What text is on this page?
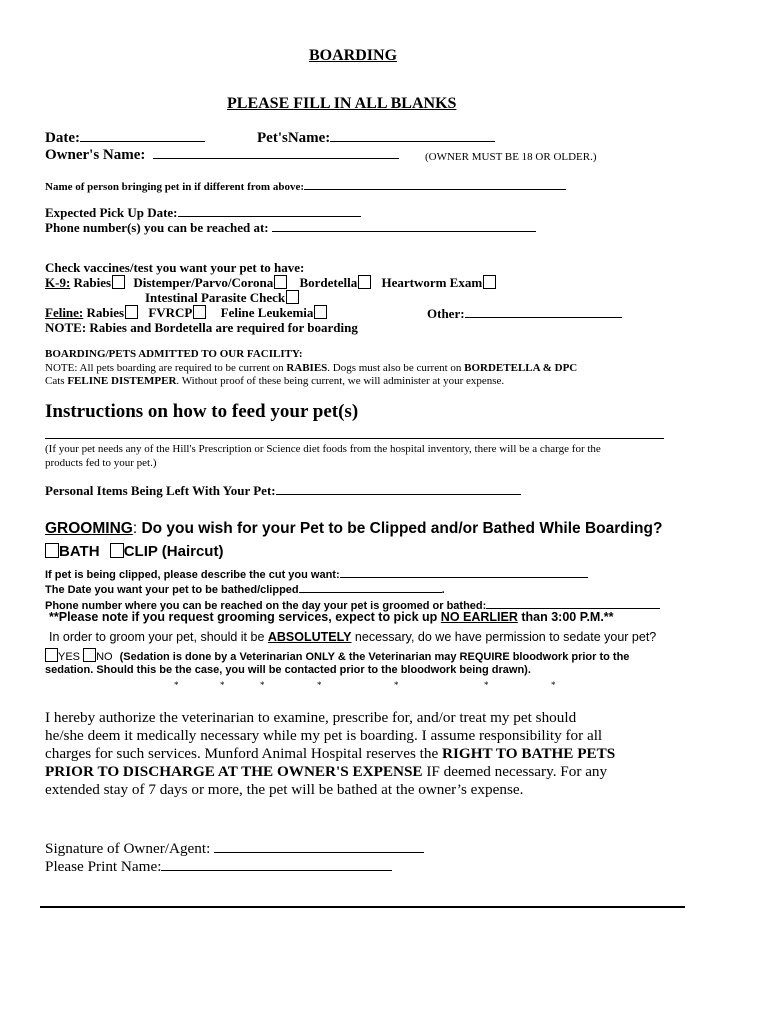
BOARDING
PLEASE FILL IN ALL BLANKS
Date:	Pet'sName:
Owner's Name:	(OWNER MUST BE 18 OR OLDER.)
Name of person bringing pet in if different from above:
Expected Pick Up Date:
Phone number(s) you can be reached at:
Check vaccines/test you want your pet to have:
K-9: Rabies Distemper/Parvo/Corona Bordetella Heartworm Exam
Intestinal Parasite Check
Feline: Rabies FVRCP Feline Leukemia	Other:
NOTE: Rabies and Bordetella are required for boarding
BOARDING/PETS ADMITTED TO OUR FACILITY:
NOTE: All pets boarding are required to be current on RABIES. Dogs must also be current on BORDETELLA & DPC
Cats FELINE DISTEMPER. Without proof of these being current, we will administer at your expense.
Instructions on how to feed your pet(s)
(If your pet needs any of the Hill's Prescription or Science diet foods from the hospital inventory, there will be a charge for the
products fed to your pet.)
Personal Items Being Left With Your Pet:
GROOMING: Do you wish for your Pet to be Clipped and/or Bathed While Boarding?
BATH CLIP (Haircut)
If pet is being clipped, please describe the cut you want:
The Date you want your pet to be bathed/clipped	.
Phone number where you can be reached on the day your pet is groomed or bathed:
**Please note if you request grooming services, expect to pick up NO EARLIER than 3:00 P.M.**
In order to groom your pet, should it be ABSOLUTELY necessary, do we have permission to sedate your pet?
YES NO (Sedation is done by a Veterinarian ONLY & the Veterinarian may REQUIRE bloodwork prior to the
sedation. Should this be the case, you will be contacted prior to the bloodwork being drawn).
*	*	*	*	*	*	*
I hereby authorize the veterinarian to examine, prescribe for, and/or treat my pet should
he/she deem it medically necessary while my pet is boarding. I assume responsibility for all
charges for such services. Munford Animal Hospital reserves the RIGHT TO BATHE PETS
PRIOR TO DISCHARGE AT THE OWNER'S EXPENSE IF deemed necessary. For any
extended stay of 7 days or more, the pet will be bathed at the owner’s expense.
Signature of Owner/Agent:
Please Print Name:
